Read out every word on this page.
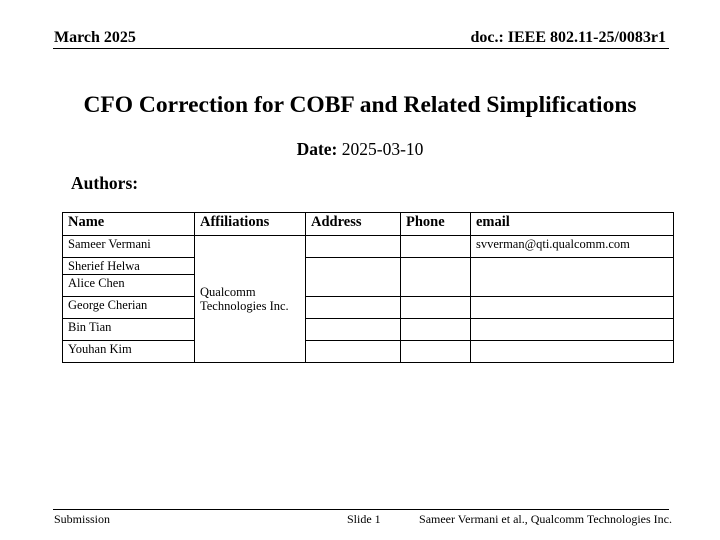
March 2025	doc.: IEEE 802.11-25/0083r1
CFO Correction for COBF and Related Simplifications
Date: 2025-03-10
Authors:
Name	Affiliations	Address	Phone	email
Sameer Vermani	Qualcomm Technologies Inc.			svverman@qti.qualcomm.com
Sherief Helwa				
Alice Chen				
George Cherian				
Bin Tian				
Youhan Kim				
Submission	Slide 1	Sameer Vermani et al., Qualcomm Technologies Inc.
